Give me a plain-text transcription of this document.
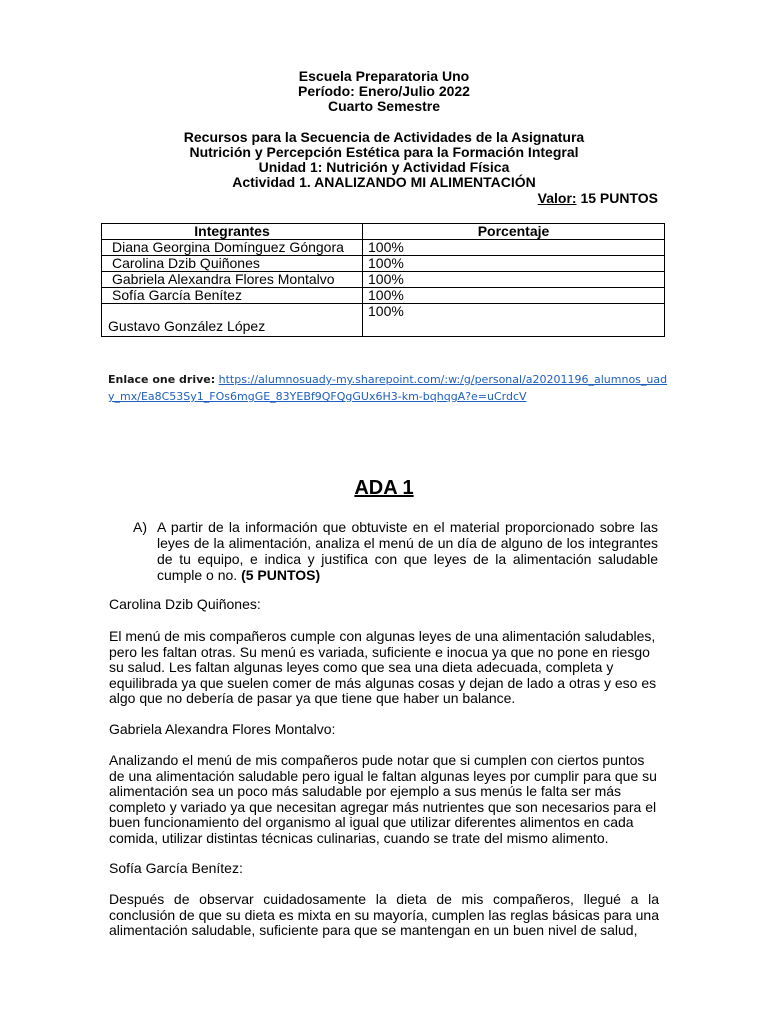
Escuela Preparatoria Uno
Período: Enero/Julio 2022
Cuarto Semestre
Recursos para la Secuencia de Actividades de la Asignatura
Nutrición y Percepción Estética para la Formación Integral
Unidad 1: Nutrición y Actividad Física
Actividad 1. ANALIZANDO MI ALIMENTACIÓN
Valor: 15 PUNTOS
Integrantes	Porcentaje
Diana Georgina Domínguez Góngora	100%
Carolina Dzib Quiñones	100%
Gabriela Alexandra Flores Montalvo	100%
Sofía García Benítez	100%
Gustavo González López	100%
Enlace one drive: https://alumnosuady-my.sharepoint.com/:w:/g/personal/a20201196_alumnos_uady_mx/Ea8C53Sy1_FOs6mgGE_83YEBf9QFQgGUx6H3-km-bqhqgA?e=uCrdcV
ADA 1
A) A partir de la información que obtuviste en el material proporcionado sobre las leyes de la alimentación, analiza el menú de un día de alguno de los integrantes de tu equipo, e indica y justifica con que leyes de la alimentación saludable cumple o no. (5 PUNTOS)
Carolina Dzib Quiñones:
El menú de mis compañeros cumple con algunas leyes de una alimentación saludables, pero les faltan otras. Su menú es variada, suficiente e inocua ya que no pone en riesgo su salud. Les faltan algunas leyes como que sea una dieta adecuada, completa y equilibrada ya que suelen comer de más algunas cosas y dejan de lado a otras y eso es algo que no debería de pasar ya que tiene que haber un balance.
Gabriela Alexandra Flores Montalvo:
Analizando el menú de mis compañeros pude notar que si cumplen con ciertos puntos de una alimentación saludable pero igual le faltan algunas leyes por cumplir para que su alimentación sea un poco más saludable por ejemplo a sus menús le falta ser más completo y variado ya que necesitan agregar más nutrientes que son necesarios para el buen funcionamiento del organismo al igual que utilizar diferentes alimentos en cada comida, utilizar distintas técnicas culinarias, cuando se trate del mismo alimento.
Sofía García Benítez:
Después de observar cuidadosamente la dieta de mis compañeros, llegué a la conclusión de que su dieta es mixta en su mayoría, cumplen las reglas básicas para una alimentación saludable, suficiente para que se mantengan en un buen nivel de salud,
